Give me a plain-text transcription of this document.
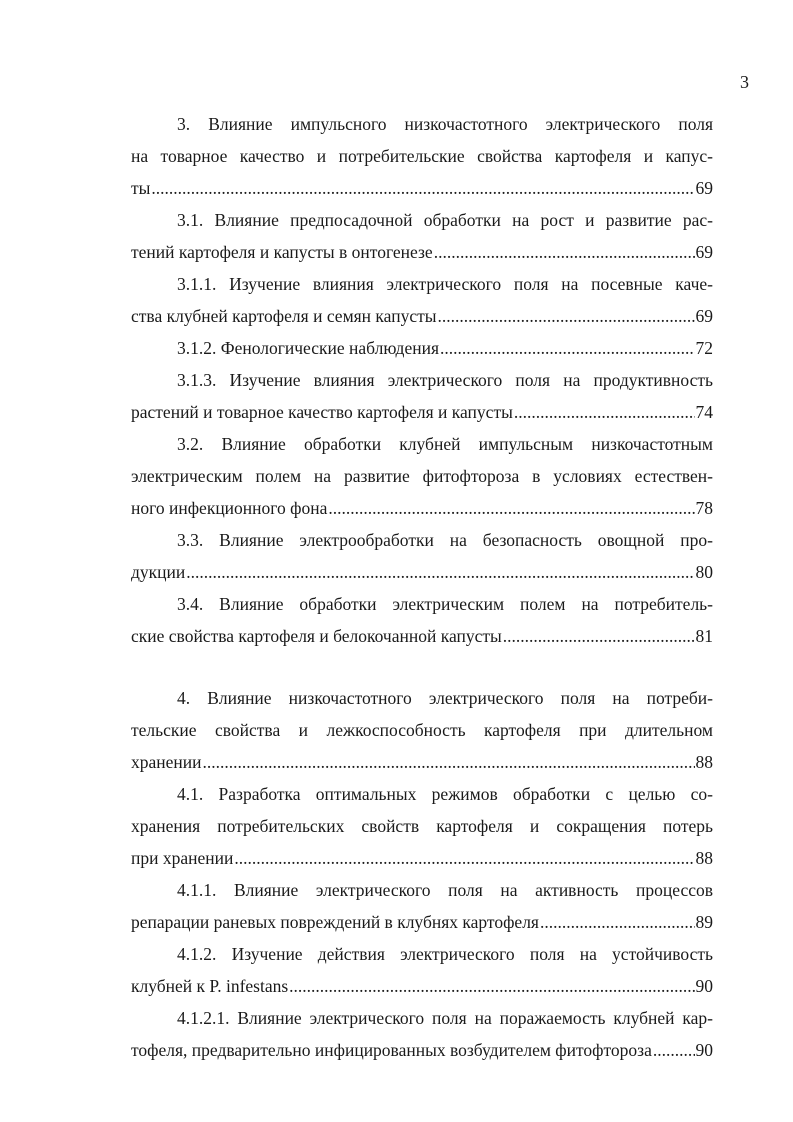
3
3. Влияние импульсного низкочастотного электрического поля
на товарное качество и потребительские свойства картофеля и капус-
ты .....	69
3.1. Влияние предпосадочной обработки на рост и развитие рас-
тений картофеля и капусты в онтогенезе .....	69
3.1.1. Изучение влияния электрического поля на посевные каче-
ства клубней картофеля и семян капусты .....	69
3.1.2. Фенологические наблюдения .....	72
3.1.3. Изучение влияния электрического поля на продуктивность
растений и товарное качество картофеля и капусты .....	74
3.2. Влияние обработки клубней импульсным низкочастотным
электрическим полем на развитие фитофтороза в условиях естествен-
ного инфекционного фона .....	78
3.3. Влияние электрообработки на безопасность овощной про-
дукции .....	80
3.4. Влияние обработки электрическим полем на потребитель-
ские свойства картофеля и белокочанной капусты .....	81
4. Влияние низкочастотного электрического поля на потреби-
тельские свойства и лежкоспособность картофеля при длительном
хранении .....	88
4.1. Разработка оптимальных режимов обработки с целью со-
хранения потребительских свойств картофеля и сокращения потерь
при хранении .....	88
4.1.1. Влияние электрического поля на активность процессов
репарации раневых повреждений в клубнях картофеля .....	89
4.1.2. Изучение действия электрического поля на устойчивость
клубней к P. infestans .....	90
4.1.2.1. Влияние электрического поля на поражаемость клубней кар-
тофеля, предварительно инфицированных возбудителем фитофтороза ..... 90
